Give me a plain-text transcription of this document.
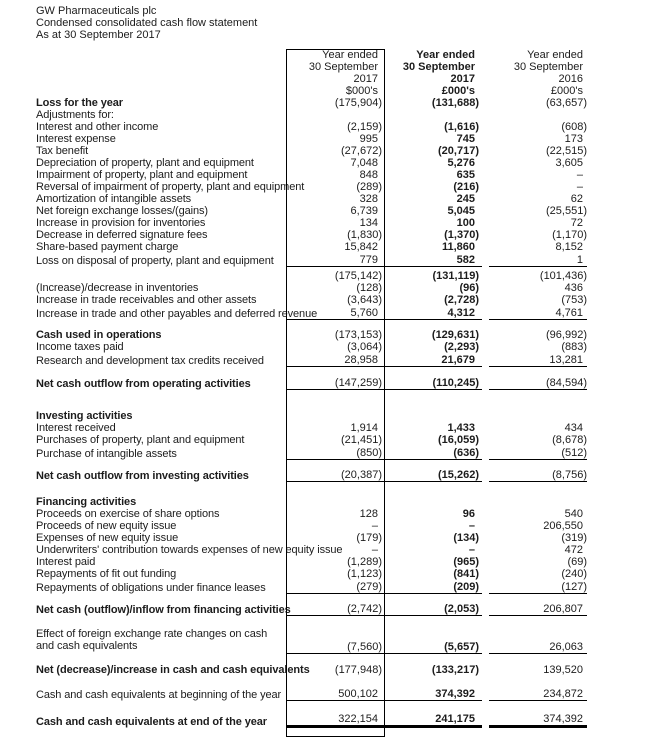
GW Pharmaceuticals plc
Condensed consolidated cash flow statement
As at 30 September 2017
Year ended	Year ended	Year ended
30 September	30 September	30 September
2017	2017	2016
$000's	£000's	£000's
Loss for the year	(175,904)	(131,688)	(63,657)
Adjustments for:
Interest and other income	(2,159)	(1,616)	(608)
Interest expense	995	745	173
Tax benefit	(27,672)	(20,717)	(22,515)
Depreciation of property, plant and equipment	7,048	5,276	3,605
Impairment of property, plant and equipment	848	635	–
Reversal of impairment of property, plant and equipment	(289)	(216)	–
Amortization of intangible assets	328	245	62
Net foreign exchange losses/(gains)	6,739	5,045	(25,551)
Increase in provision for inventories	134	100	72
Decrease in deferred signature fees	(1,830)	(1,370)	(1,170)
Share-based payment charge	15,842	11,860	8,152
Loss on disposal of property, plant and equipment	779	582	1
(175,142)	(131,119)	(101,436)
(Increase)/decrease in inventories	(128)	(96)	436
Increase in trade receivables and other assets	(3,643)	(2,728)	(753)
Increase in trade and other payables and deferred revenue	5,760	4,312	4,761
Cash used in operations	(173,153)	(129,631)	(96,992)
Income taxes paid	(3,064)	(2,293)	(883)
Research and development tax credits received	28,958	21,679	13,281
Net cash outflow from operating activities	(147,259)	(110,245)	(84,594)
Investing activities
Interest received	1,914	1,433	434
Purchases of property, plant and equipment	(21,451)	(16,059)	(8,678)
Purchase of intangible assets	(850)	(636)	(512)
Net cash outflow from investing activities	(20,387)	(15,262)	(8,756)
Financing activities
Proceeds on exercise of share options	128	96	540
Proceeds of new equity issue	–	–	206,550
Expenses of new equity issue	(179)	(134)	(319)
Underwriters' contribution towards expenses of new equity issue	–	–	472
Interest paid	(1,289)	(965)	(69)
Repayments of fit out funding	(1,123)	(841)	(240)
Repayments of obligations under finance leases	(279)	(209)	(127)
Net cash (outflow)/inflow from financing activities	(2,742)	(2,053)	206,807
Effect of foreign exchange rate changes on cash and cash equivalents	(7,560)	(5,657)	26,063
Net (decrease)/increase in cash and cash equivalents (177,948)	(133,217)	139,520
Cash and cash equivalents at beginning of the year	500,102	374,392	234,872
Cash and cash equivalents at end of the year	322,154	241,175	374,392
